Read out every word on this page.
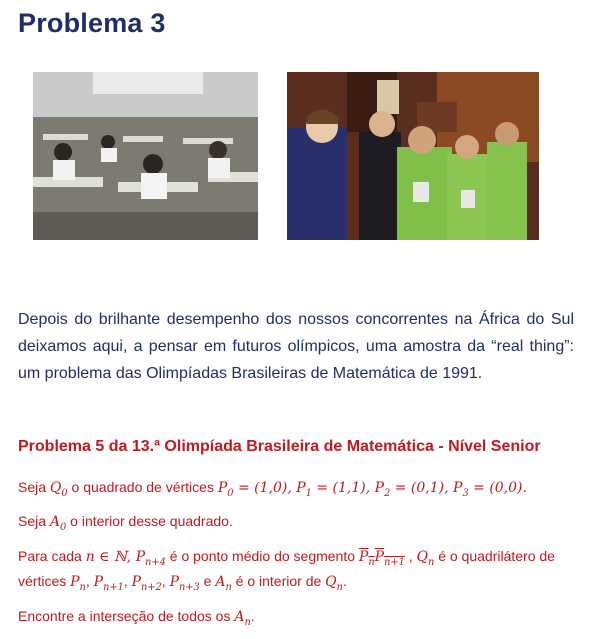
Problema 3
Depois do brilhante desempenho dos nossos concorrentes na África do Sul deixamos aqui, a pensar em futuros olímpicos, uma amostra da “real thing”: um problema das Olimpíadas Brasileiras de Matemática de 1991.
Problema 5 da 13.ª Olimpíada Brasileira de Matemática - Nível Senior
Seja $Q_0$ o quadrado de vértices $P_0 = (1,0)$, $P_1 = (1,1)$, $P_2 = (0,1)$, $P_3 = (0,0)$.
Seja $A_0$ o interior desse quadrado.
Para cada n ∈ ℕ, $P_{n+4}$ é o ponto médio do segmento $P_nP_{n+1}$ , $Q_n$ é o quadrilátero de
vértices $P_n$, $P_{n+1}$, $P_{n+2}$, $P_{n+3}$ e $A_n$ é o interior de $Q_n$.
Encontre a interseção de todos os $A_n$.
